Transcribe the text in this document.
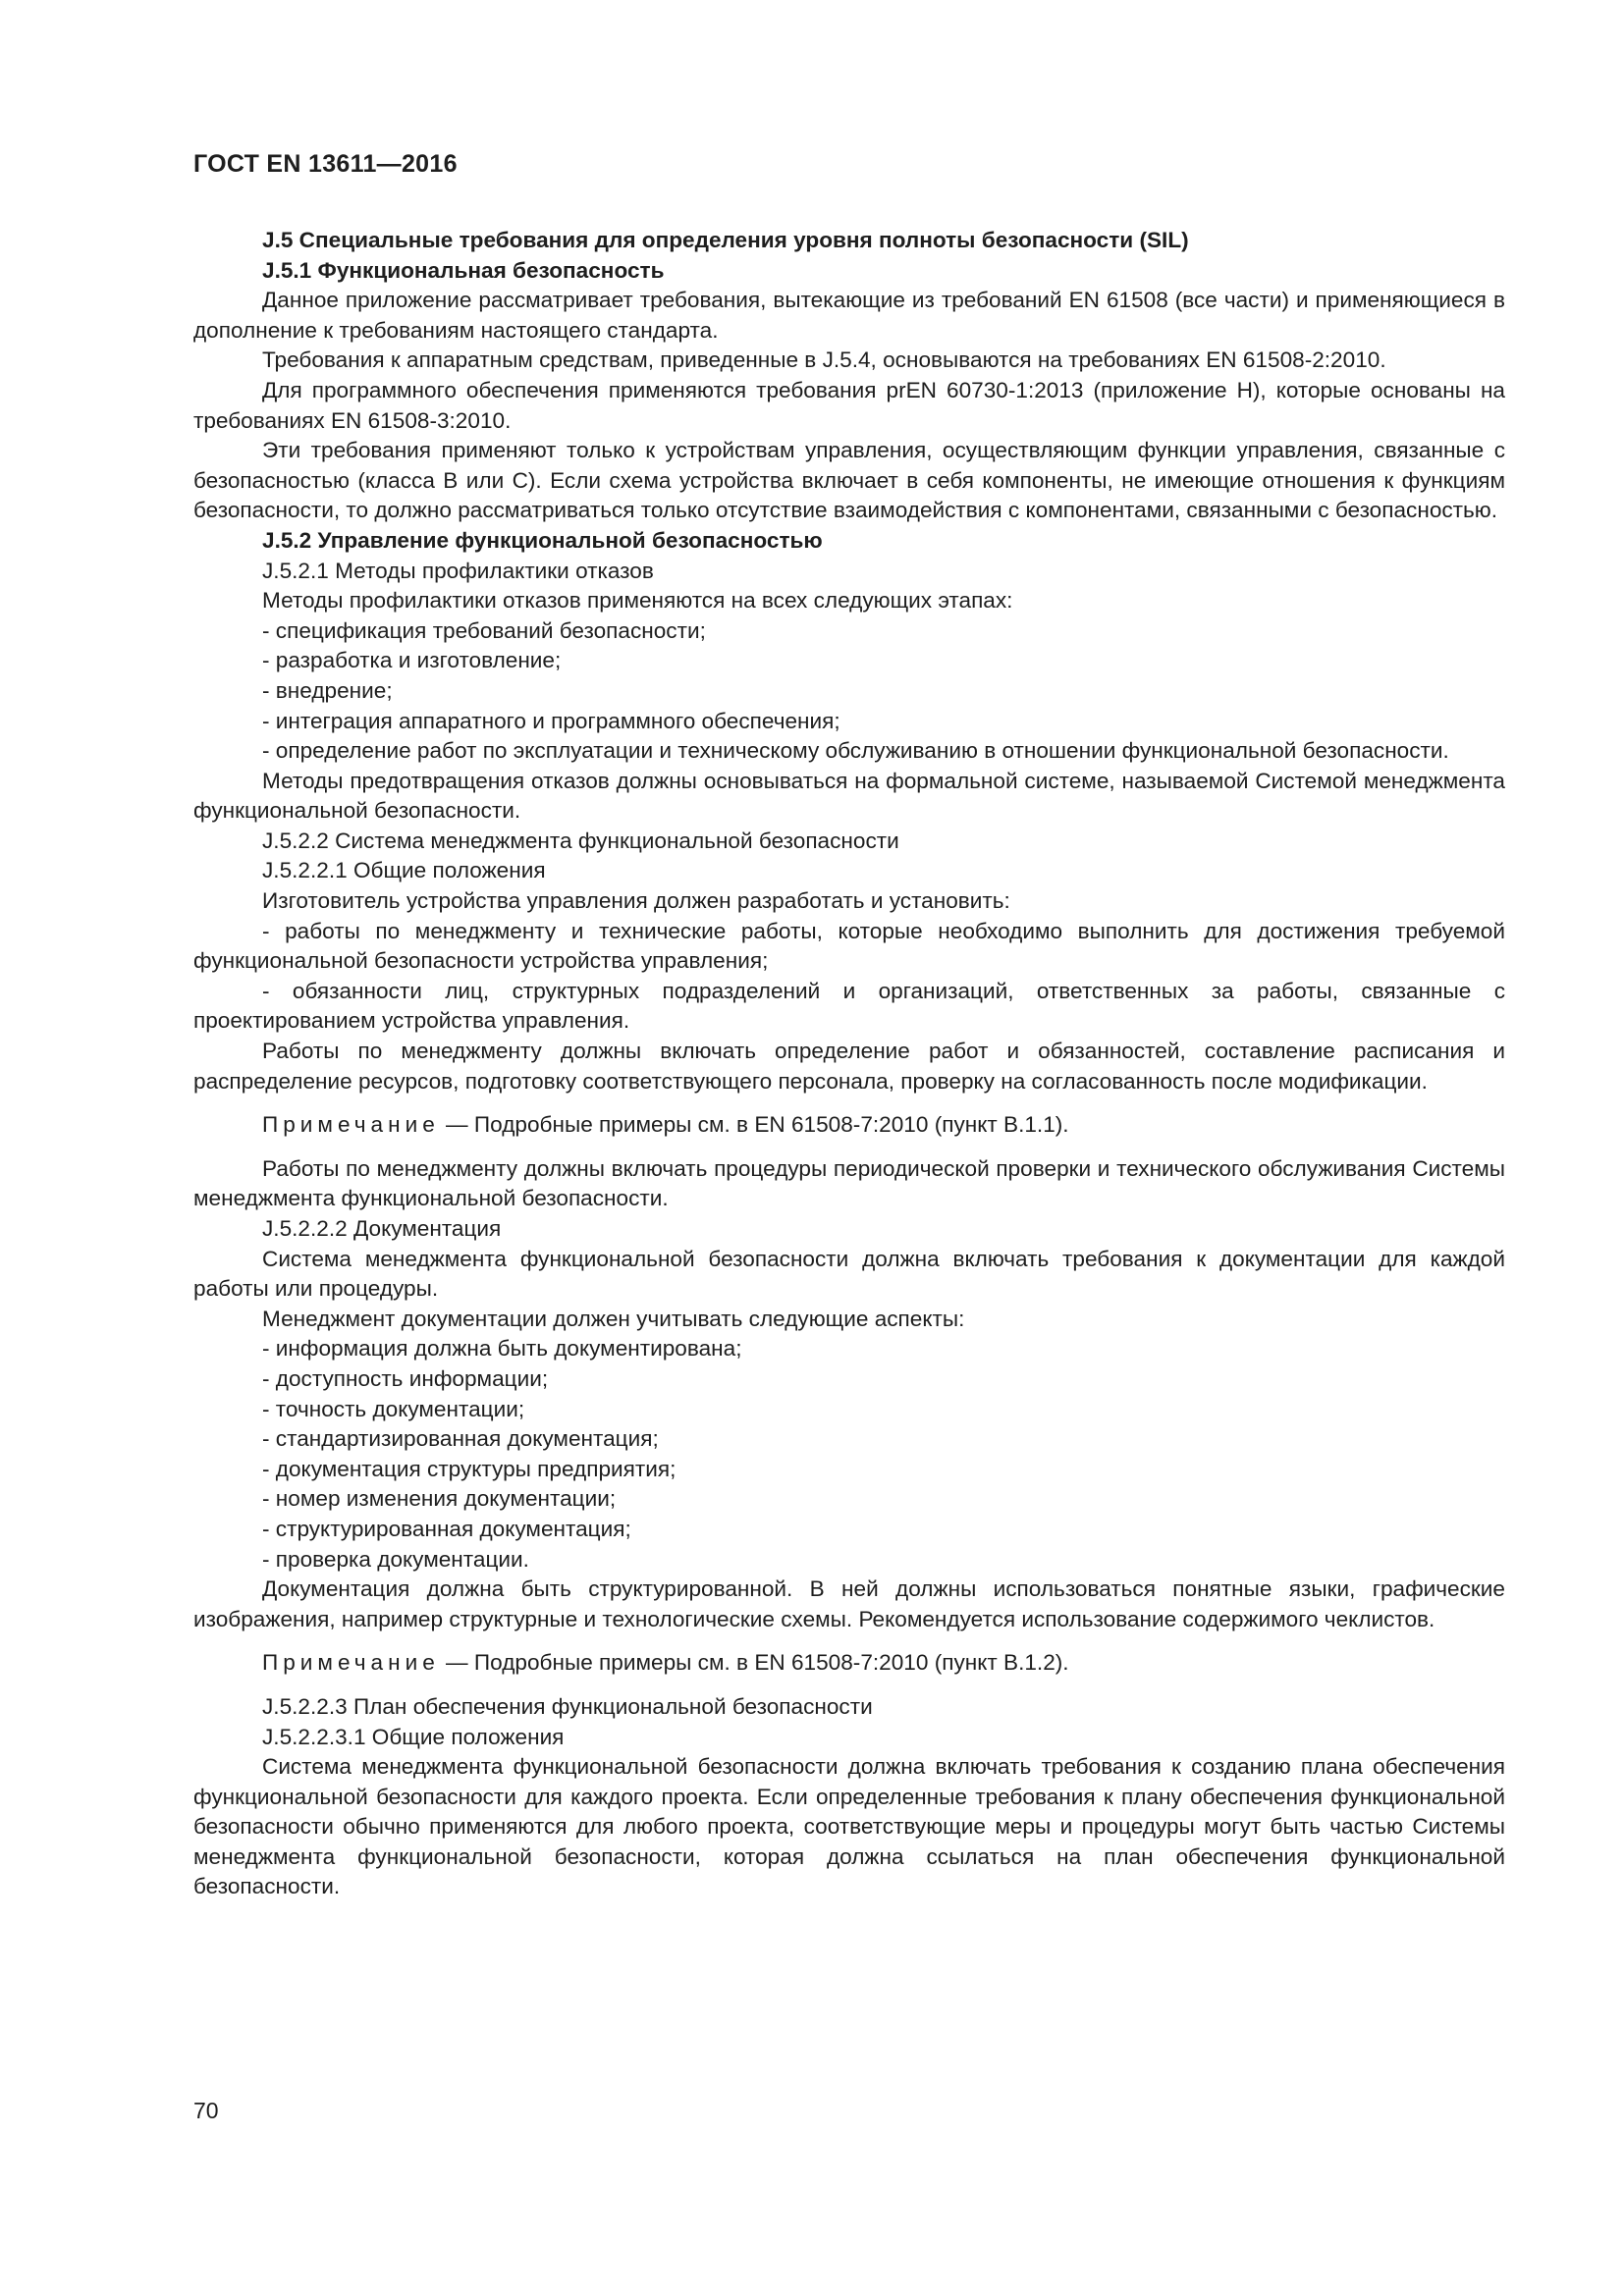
ГОСТ EN 13611—2016

J.5 Специальные требования для определения уровня полноты безопасности (SIL)

J.5.1 Функциональная безопасность

Данное приложение рассматривает требования, вытекающие из требований EN 61508 (все части) и применяющиеся в дополнение к требованиям настоящего стандарта.

Требования к аппаратным средствам, приведенные в J.5.4, основываются на требованиях EN 61508-2:2010.

Для программного обеспечения применяются требования prEN 60730-1:2013 (приложение H), которые основаны на требованиях EN 61508-3:2010.

Эти требования применяют только к устройствам управления, осуществляющим функции управления, связанные с безопасностью (класса В или С). Если схема устройства включает в себя компоненты, не имеющие отношения к функциям безопасности, то должно рассматриваться только отсутствие взаимодействия с компонентами, связанными с безопасностью.

J.5.2 Управление функциональной безопасностью

J.5.2.1 Методы профилактики отказов

Методы профилактики отказов применяются на всех следующих этапах:

- спецификация требований безопасности;

- разработка и изготовление;

- внедрение;

- интеграция аппаратного и программного обеспечения;

- определение работ по эксплуатации и техническому обслуживанию в отношении функциональной безопасности.

Методы предотвращения отказов должны основываться на формальной системе, называемой Системой менеджмента функциональной безопасности.

J.5.2.2 Система менеджмента функциональной безопасности

J.5.2.2.1 Общие положения

Изготовитель устройства управления должен разработать и установить:

- работы по менеджменту и технические работы, которые необходимо выполнить для достижения требуемой функциональной безопасности устройства управления;

- обязанности лиц, структурных подразделений и организаций, ответственных за работы, связанные с проектированием устройства управления.

Работы по менеджменту должны включать определение работ и обязанностей, составление расписания и распределение ресурсов, подготовку соответствующего персонала, проверку на согласованность после модификации.

Примечание — Подробные примеры см. в EN 61508-7:2010 (пункт В.1.1).

Работы по менеджменту должны включать процедуры периодической проверки и технического обслуживания Системы менеджмента функциональной безопасности.

J.5.2.2.2 Документация

Система менеджмента функциональной безопасности должна включать требования к документации для каждой работы или процедуры.

Менеджмент документации должен учитывать следующие аспекты:

- информация должна быть документирована;

- доступность информации;

- точность документации;

- стандартизированная документация;

- документация структуры предприятия;

- номер изменения документации;

- структурированная документация;

- проверка документации.

Документация должна быть структурированной. В ней должны использоваться понятные языки, графические изображения, например структурные и технологические схемы. Рекомендуется использование содержимого чеклистов.

Примечание — Подробные примеры см. в EN 61508-7:2010 (пункт В.1.2).

J.5.2.2.3 План обеспечения функциональной безопасности

J.5.2.2.3.1 Общие положения

Система менеджмента функциональной безопасности должна включать требования к созданию плана обеспечения функциональной безопасности для каждого проекта. Если определенные требования к плану обеспечения функциональной безопасности обычно применяются для любого проекта, соответствующие меры и процедуры могут быть частью Системы менеджмента функциональной безопасности, которая должна ссылаться на план обеспечения функциональной безопасности.

70
